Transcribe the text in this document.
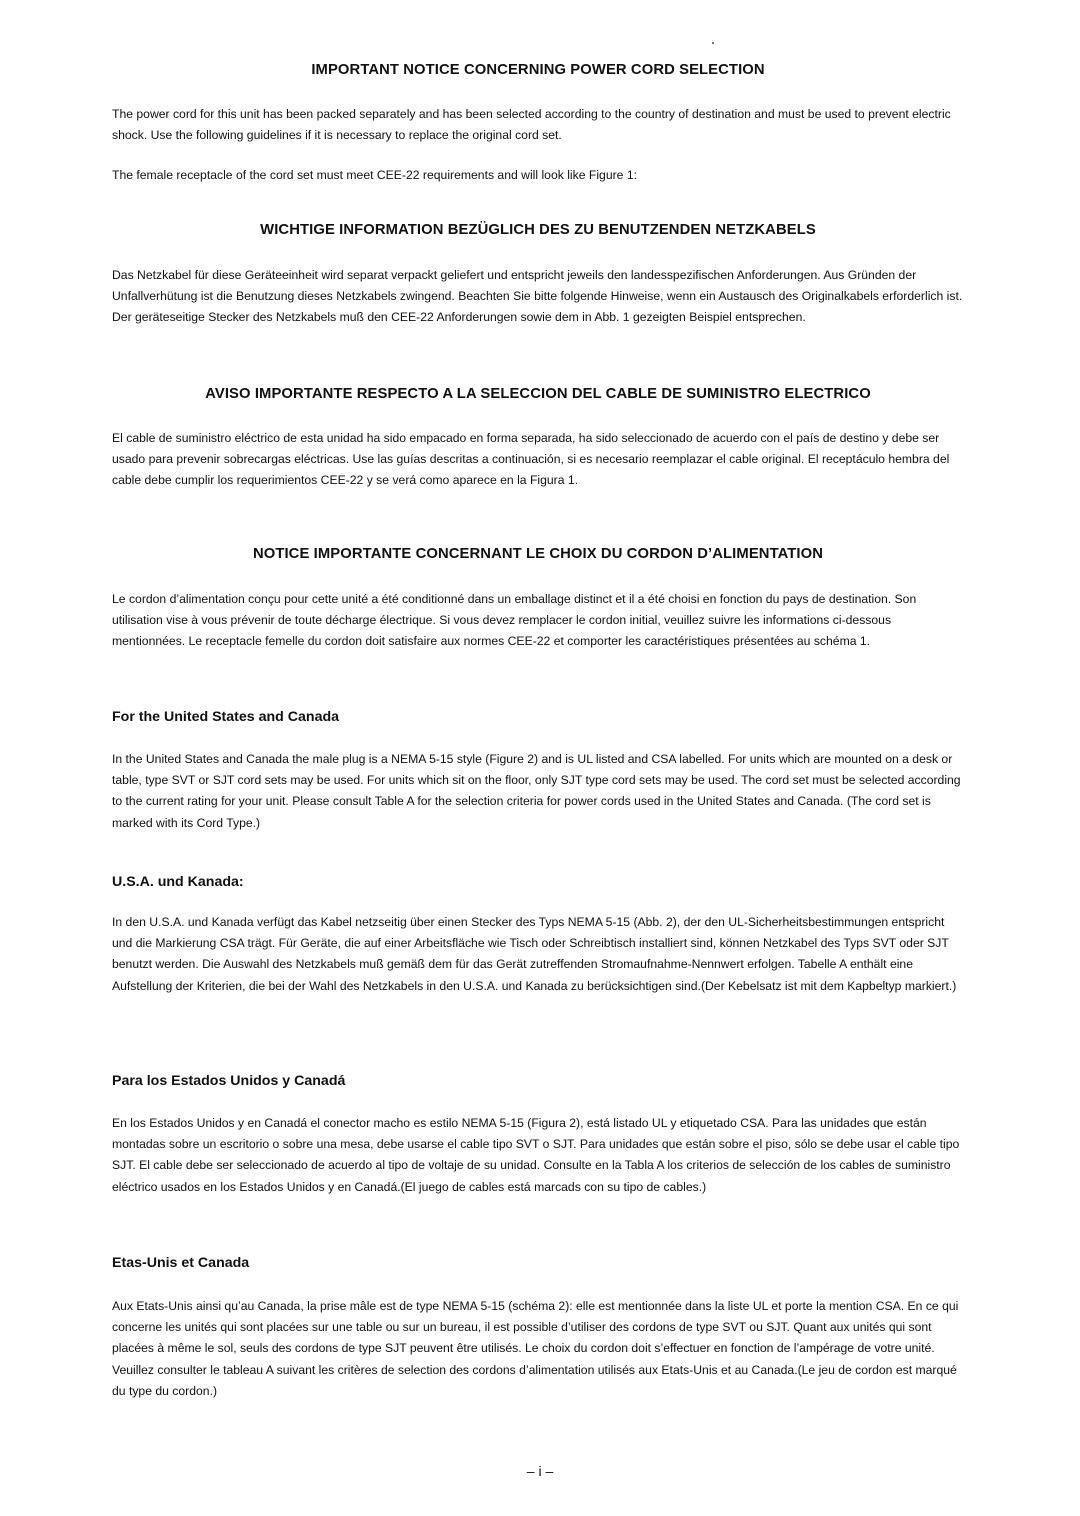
IMPORTANT NOTICE CONCERNING POWER CORD SELECTION

The power cord for this unit has been packed separately and has been selected according to the country of destination and must be used to prevent electric shock. Use the following guidelines if it is necessary to replace the original cord set.

The female receptacle of the cord set must meet CEE-22 requirements and will look like Figure 1:

WICHTIGE INFORMATION BEZÜGLICH DES ZU BENUTZENDEN NETZKABELS

Das Netzkabel für diese Geräteeinheit wird separat verpackt geliefert und entspricht jeweils den landesspezifischen Anforderungen. Aus Gründen der Unfallverhütung ist die Benutzung dieses Netzkabels zwingend. Beachten Sie bitte folgende Hinweise, wenn ein Austausch des Originalkabels erforderlich ist. Der geräteseitige Stecker des Netzkabels muß den CEE-22 Anforderungen sowie dem in Abb. 1 gezeigten Beispiel entsprechen.

AVISO IMPORTANTE RESPECTO A LA SELECCION DEL CABLE DE SUMINISTRO ELECTRICO

El cable de suministro eléctrico de esta unidad ha sido empacado en forma separada, ha sido seleccionado de acuerdo con el país de destino y debe ser usado para prevenir sobrecargas eléctricas. Use las guías descritas a continuación, si es necesario reemplazar el cable original. El receptáculo hembra del cable debe cumplir los requerimientos CEE-22 y se verá como aparece en la Figura 1.

NOTICE IMPORTANTE CONCERNANT LE CHOIX DU CORDON D’ALIMENTATION

Le cordon d’alimentation conçu pour cette unité a été conditionné dans un emballage distinct et il a été choisi en fonction du pays de destination. Son utilisation vise à vous prévenir de toute décharge électrique. Si vous devez remplacer le cordon initial, veuillez suivre les informations ci-dessous mentionnées. Le receptacle femelle du cordon doit satisfaire aux normes CEE-22 et comporter les caractéristiques présentées au schéma 1.

For the United States and Canada

In the United States and Canada the male plug is a NEMA 5-15 style (Figure 2) and is UL listed and CSA labelled. For units which are mounted on a desk or table, type SVT or SJT cord sets may be used. For units which sit on the floor, only SJT type cord sets may be used. The cord set must be selected according to the current rating for your unit. Please consult Table A for the selection criteria for power cords used in the United States and Canada. (The cord set is marked with its Cord Type.)

U.S.A. und Kanada:

In den U.S.A. und Kanada verfügt das Kabel netzseitig über einen Stecker des Typs NEMA 5-15 (Abb. 2), der den UL-Sicherheitsbestimmungen entspricht und die Markierung CSA trägt. Für Geräte, die auf einer Arbeitsfläche wie Tisch oder Schreibtisch installiert sind, können Netzkabel des Typs SVT oder SJT benutzt werden. Die Auswahl des Netzkabels muß gemäß dem für das Gerät zutreffenden Stromaufnahme-Nennwert erfolgen. Tabelle A enthält eine Aufstellung der Kriterien, die bei der Wahl des Netzkabels in den U.S.A. und Kanada zu berücksichtigen sind.(Der Kebelsatz ist mit dem Kapbeltyp markiert.)

Para los Estados Unidos y Canadá

En los Estados Unidos y en Canadá el conector macho es estilo NEMA 5-15 (Figura 2), está listado UL y etiquetado CSA. Para las unidades que están montadas sobre un escritorio o sobre una mesa, debe usarse el cable tipo SVT o SJT. Para unidades que están sobre el piso, sólo se debe usar el cable tipo SJT. El cable debe ser seleccionado de acuerdo al tipo de voltaje de su unidad. Consulte en la Tabla A los criterios de selección de los cables de suministro eléctrico usados en los Estados Unidos y en Canadá.(El juego de cables está marcads con su tipo de cables.)

Etas-Unis et Canada

Aux Etats-Unis ainsi qu’au Canada, la prise mâle est de type NEMA 5-15 (schéma 2): elle est mentionnée dans la liste UL et porte la mention CSA. En ce qui concerne les unités qui sont placées sur une table ou sur un bureau, il est possible d’utiliser des cordons de type SVT ou SJT. Quant aux unités qui sont placées à même le sol, seuls des cordons de type SJT peuvent être utilisés. Le choix du cordon doit s’effectuer en fonction de l’ampérage de votre unité. Veuillez consulter le tableau A suivant les critères de selection des cordons d’alimentation utilisés aux Etats-Unis et au Canada.(Le jeu de cordon est marqué du type du cordon.)

– i –
